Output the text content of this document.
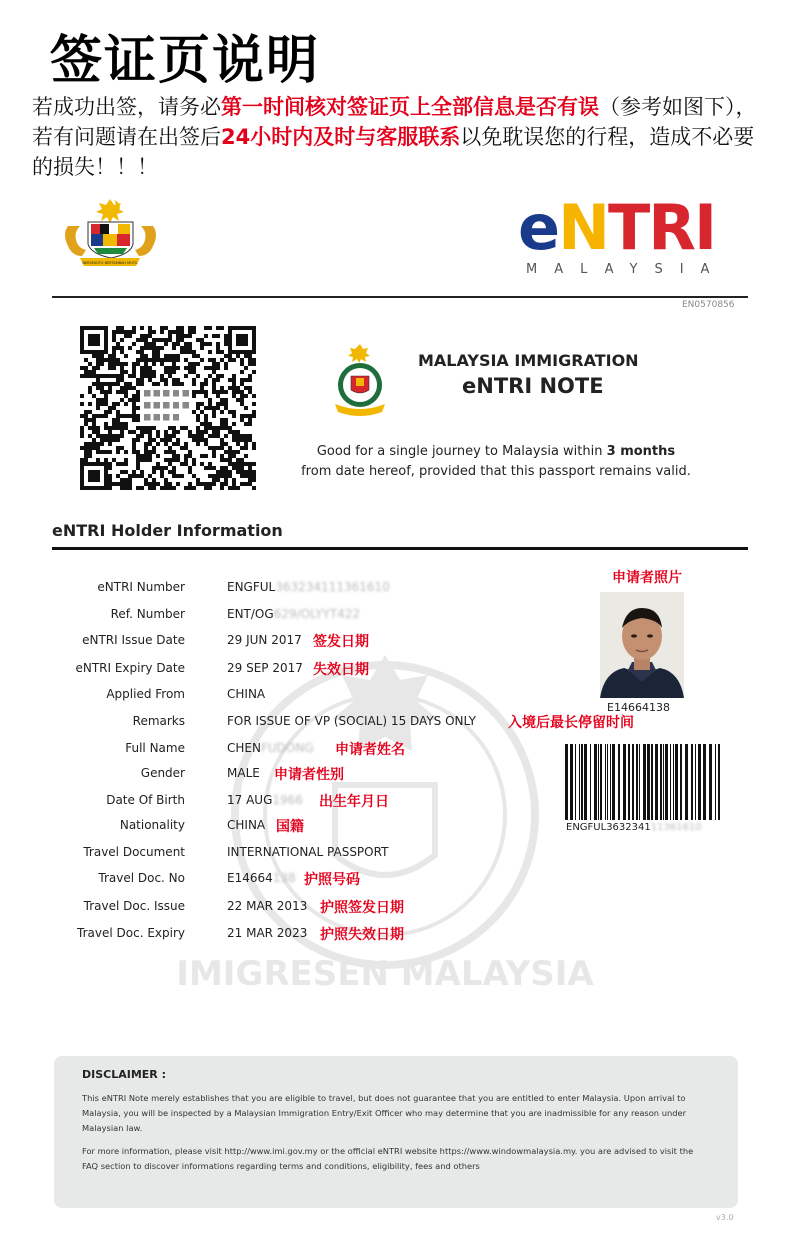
签证页说明
若成功出签，请务必第一时间核对签证页上全部信息是否有误（参考如图下），若有问题请在出签后24小时内及时与客服联系以免耽误您的行程，造成不必要的损失！！！
BERSEKUTU BERTAMBAH MUTU	eNTRI
MALAYSIA
EN0570856
MALAYSIA IMMIGRATION
eNTRI NOTE
Good for a single journey to Malaysia within 3 months
from date hereof, provided that this passport remains valid.
eNTRI Holder Information
IMIGRESEN MALAYSIA
eNTRI Number	ENGFUL363234111361610
Ref. Number	ENT/OG629/OLYYT422
eNTRI Issue Date	29 JUN 2017 签发日期
eNTRI Expiry Date	29 SEP 2017 失效日期
Applied From	CHINA
Remarks	FOR ISSUE OF VP (SOCIAL) 15 DAYS ONLY 入境后最长停留时间
Full Name	CHENFUDONG 申请者姓名
Gender	MALE 申请者性别
Date Of Birth	17 AUG1966 出生年月日
Nationality	CHINA 国籍
Travel Document	INTERNATIONAL PASSPORT
Travel Doc. No	E14664138 护照号码
Travel Doc. Issue	22 MAR 2013 护照签发日期
Travel Doc. Expiry	21 MAR 2023 护照失效日期
申请者照片
E14664138
ENGFUL363234111361610
DISCLAIMER :
This eNTRI Note merely establishes that you are eligible to travel, but does not guarantee that you are entitled to enter Malaysia. Upon arrival to Malaysia, you will be inspected by a Malaysian Immigration Entry/Exit Officer who may determine that you are inadmissible for any reason under Malaysian law.
For more information, please visit http://www.imi.gov.my or the official eNTRI website https://www.windowmalaysia.my. you are advised to visit the FAQ section to discover informations regarding terms and conditions, eligibility, fees and others
v3.0
